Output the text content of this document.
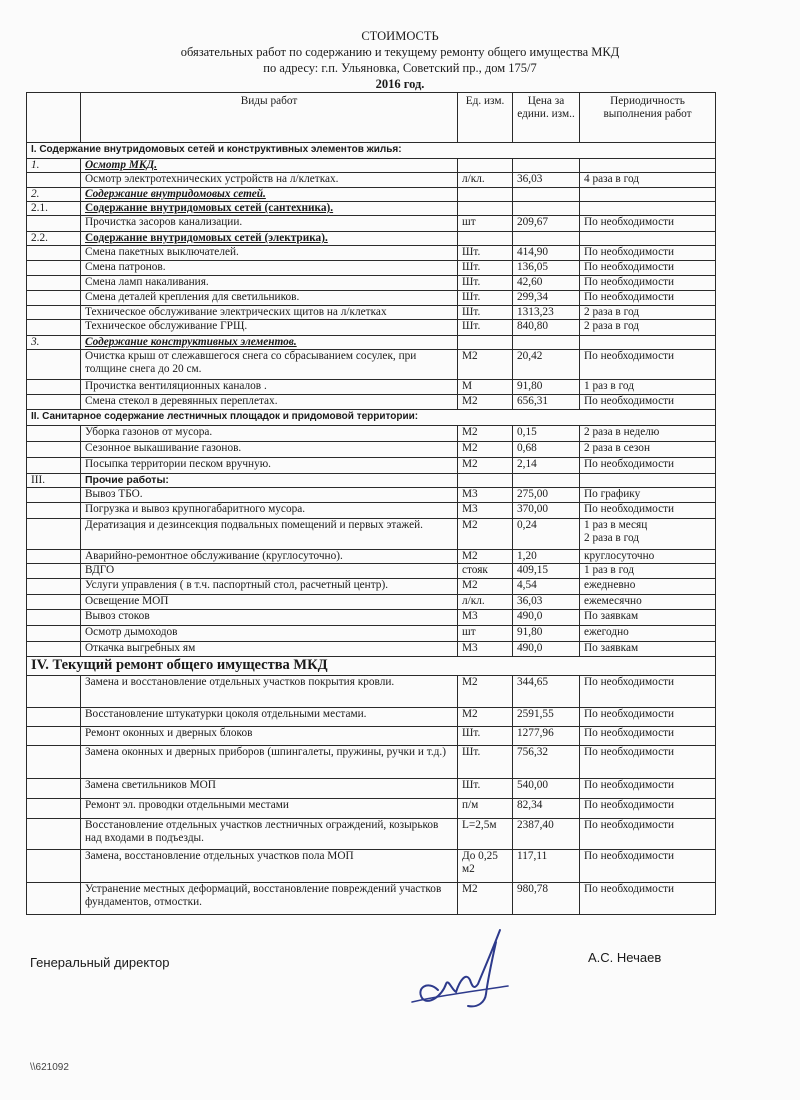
СТОИМОСТЬ
обязательных работ по содержанию и текущему ремонту общего имущества МКД
по адресу: г.п. Ульяновка, Советский пр., дом 175/7
2016 год.
	Виды работ	Ед. изм.	Цена за едини. изм..	Периодичность выполнения работ
I. Содержание внутридомовых сетей и конструктивных элементов жилья:				
1.	Осмотр МКД.			
	Осмотр электротехнических устройств на л/клетках.	л/кл.	36,03	4 раза в год
2.	Содержание внутридомовых сетей.			
2.1.	Содержание внутридомовых сетей (сантехника).			
	Прочистка засоров канализации.	шт	209,67	По необходимости
2.2.	Содержание внутридомовых сетей (электрика).			
	Смена пакетных выключателей.	Шт.	414,90	По необходимости
	Смена патронов.	Шт.	136,05	По необходимости
	Смена ламп накаливания.	Шт.	42,60	По необходимости
	Смена деталей крепления для светильников.	Шт.	299,34	По необходимости
	Техническое обслуживание электрических щитов на л/клетках	Шт.	1313,23	2 раза в год
	Техническое обслуживание ГРЩ.	Шт.	840,80	2 раза в год
3.	Содержание конструктивных элементов.			
	Очистка крыш от слежавшегося снега со сбрасыванием сосулек, при толщине снега до 20 см.	М2	20,42	По необходимости
	Прочистка вентиляционных каналов .	М	91,80	1 раз в год
	Смена стекол в деревянных переплетах.	М2	656,31	По необходимости
II. Санитарное содержание лестничных площадок и придомовой территории:				
	Уборка газонов от мусора.	М2	0,15	2 раза в неделю
	Сезонное выкашивание газонов.	М2	0,68	2 раза в сезон
	Посыпка территории песком вручную.	М2	2,14	По необходимости
III.	Прочие работы:			
	Вывоз ТБО.	М3	275,00	По графику
	Погрузка и вывоз крупногабаритного мусора.	М3	370,00	По необходимости
	Дератизация и дезинсекция подвальных помещений и первых этажей.	М2	0,24	1 раз в месяц
2 раза в год
	Аварийно-ремонтное обслуживание (круглосуточно).	М2	1,20	круглосуточно
	ВДГО	стояк	409,15	1 раз в год
	Услуги управления ( в т.ч. паспортный стол, расчетный центр).	М2	4,54	ежедневно
	Освещение МОП	л/кл.	36,03	ежемесячно
	Вывоз стоков	М3	490,0	По заявкам
	Осмотр дымоходов	шт	91,80	ежегодно
	Откачка выгребных ям	М3	490,0	По заявкам
IV. Текущий ремонт общего имущества МКД				
	Замена и восстановление отдельных участков покрытия кровли.	М2	344,65	По необходимости
	Восстановление штукатурки цоколя отдельными местами.	М2	2591,55	По необходимости
	Ремонт оконных и дверных блоков	Шт.	1277,96	По необходимости
	Замена оконных и дверных приборов (шпингалеты, пружины, ручки и т.д.)	Шт.	756,32	По необходимости
	Замена светильников МОП	Шт.	540,00	По необходимости
	Ремонт эл. проводки отдельными местами	п/м	82,34	По необходимости
	Восстановление отдельных участков лестничных ограждений, козырьков над входами в подъезды.	L=2,5м	2387,40	По необходимости
	Замена, восстановление отдельных участков пола МОП	До 0,25 м2	117,11	По необходимости
	Устранение местных деформаций, восстановление повреждений участков фундаментов, отмостки.	М2	980,78	По необходимости
Генеральный директор	А.С. Нечаев
\\621092
